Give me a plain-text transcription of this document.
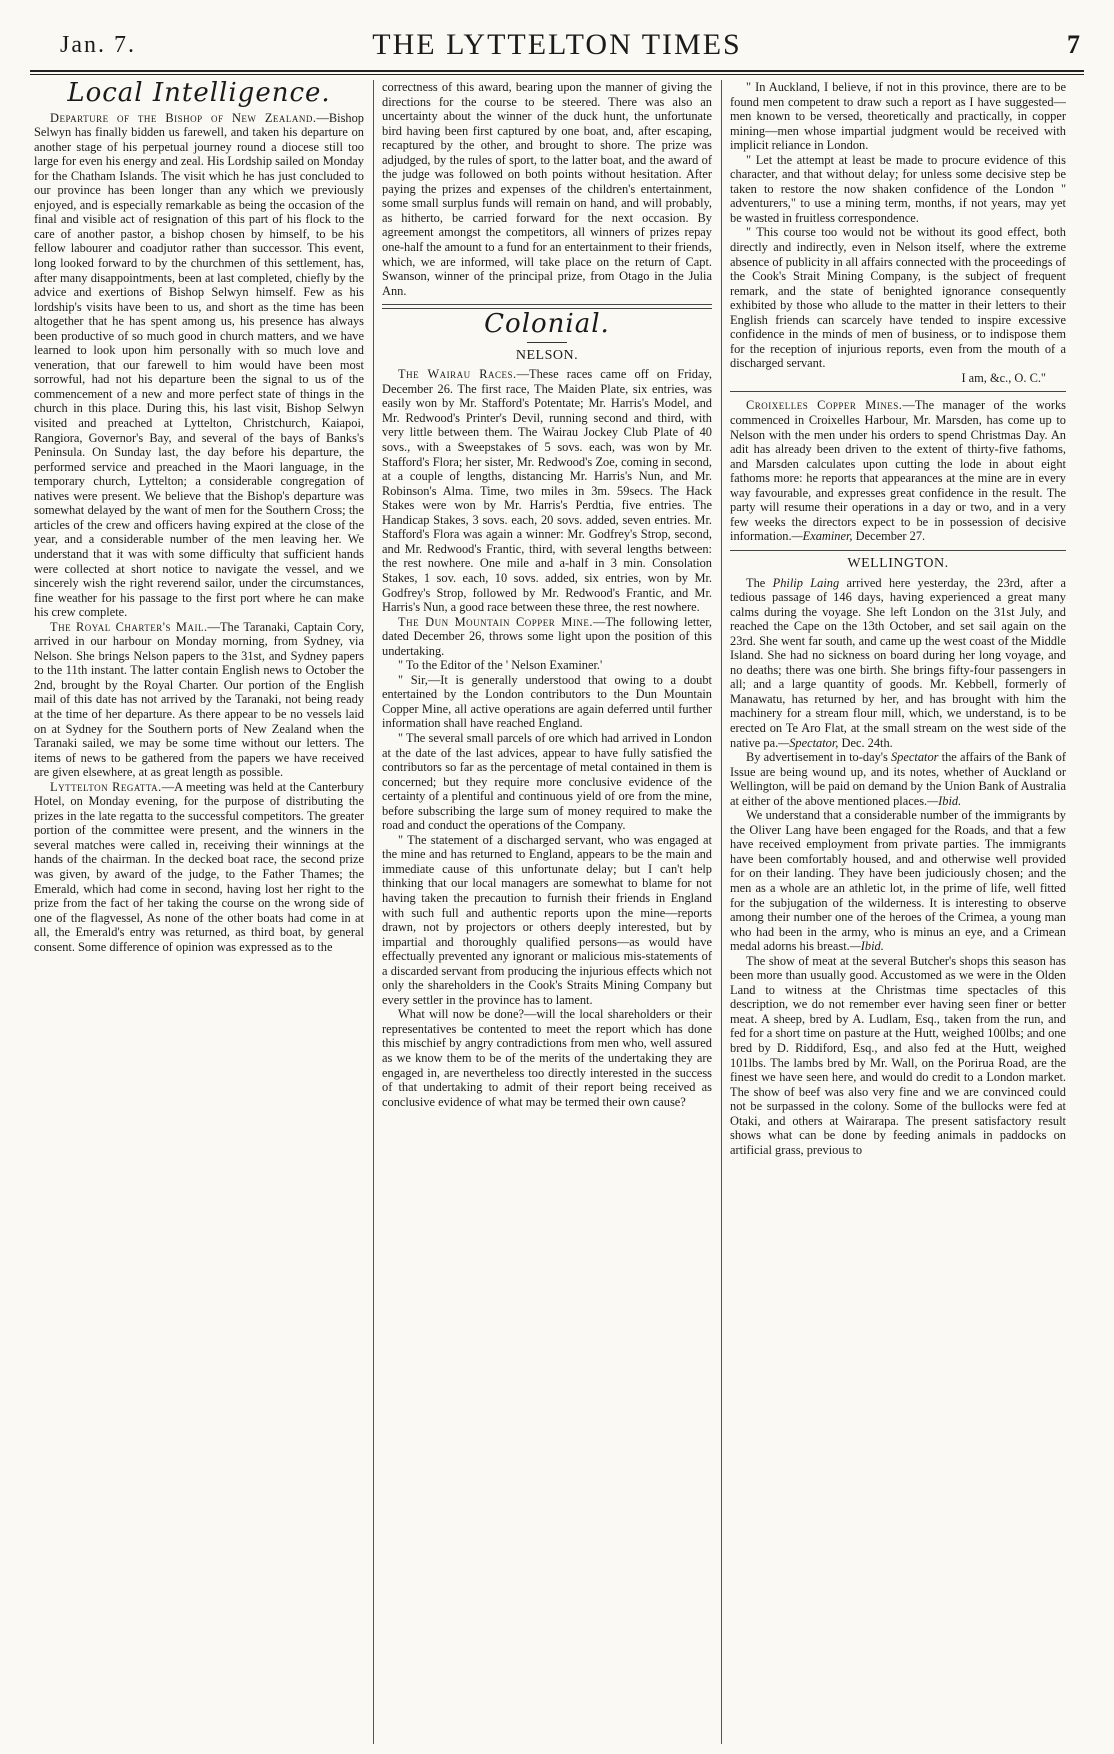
Jan. 7.	THE LYTTELTON TIMES	7
Local Intelligence.

Departure of the Bishop of New Zealand.—Bishop Selwyn has finally bidden us farewell, and taken his departure on another stage of his perpetual journey round a diocese still too large for even his energy and zeal. His Lordship sailed on Monday for the Chatham Islands. The visit which he has just concluded to our province has been longer than any which we previously enjoyed, and is especially remarkable as being the occasion of the final and visible act of resignation of this part of his flock to the care of another pastor, a bishop chosen by himself, to be his fellow labourer and coadjutor rather than successor. This event, long looked forward to by the churchmen of this settlement, has, after many disappointments, been at last completed, chiefly by the advice and exertions of Bishop Selwyn himself. Few as his lordship's visits have been to us, and short as the time has been altogether that he has spent among us, his presence has always been productive of so much good in church matters, and we have learned to look upon him personally with so much love and veneration, that our farewell to him would have been most sorrowful, had not his departure been the signal to us of the commencement of a new and more perfect state of things in the church in this place. During this, his last visit, Bishop Selwyn visited and preached at Lyttelton, Christchurch, Kaiapoi, Rangiora, Governor's Bay, and several of the bays of Banks's Peninsula. On Sunday last, the day before his departure, the performed service and preached in the Maori language, in the temporary church, Lyttelton; a considerable congregation of natives were present. We believe that the Bishop's departure was somewhat delayed by the want of men for the Southern Cross; the articles of the crew and officers having expired at the close of the year, and a considerable number of the men leaving her. We understand that it was with some difficulty that sufficient hands were collected at short notice to navigate the vessel, and we sincerely wish the right reverend sailor, under the circumstances, fine weather for his passage to the first port where he can make his crew complete.

The Royal Charter's Mail.—The Taranaki, Captain Cory, arrived in our harbour on Monday morning, from Sydney, via Nelson. She brings Nelson papers to the 31st, and Sydney papers to the 11th instant. The latter contain English news to October the 2nd, brought by the Royal Charter. Our portion of the English mail of this date has not arrived by the Taranaki, not being ready at the time of her departure. As there appear to be no vessels laid on at Sydney for the Southern ports of New Zealand when the Taranaki sailed, we may be some time without our letters. The items of news to be gathered from the papers we have received are given elsewhere, at as great length as possible.

Lyttelton Regatta.—A meeting was held at the Canterbury Hotel, on Monday evening, for the purpose of distributing the prizes in the late regatta to the successful competitors. The greater portion of the committee were present, and the winners in the several matches were called in, receiving their winnings at the hands of the chairman. In the decked boat race, the second prize was given, by award of the judge, to the Father Thames; the Emerald, which had come in second, having lost her right to the prize from the fact of her taking the course on the wrong side of one of the flagvessel, As none of the other boats had come in at all, the Emerald's entry was returned, as third boat, by general consent. Some difference of opinion was expressed as to the

correctness of this award, bearing upon the manner of giving the directions for the course to be steered. There was also an uncertainty about the winner of the duck hunt, the unfortunate bird having been first captured by one boat, and, after escaping, recaptured by the other, and brought to shore. The prize was adjudged, by the rules of sport, to the latter boat, and the award of the judge was followed on both points without hesitation. After paying the prizes and expenses of the children's entertainment, some small surplus funds will remain on hand, and will probably, as hitherto, be carried forward for the next occasion. By agreement amongst the competitors, all winners of prizes repay one-half the amount to a fund for an entertainment to their friends, which, we are informed, will take place on the return of Capt. Swanson, winner of the principal prize, from Otago in the Julia Ann.

Colonial.
NELSON.

The Wairau Races.—These races came off on Friday, December 26. The first race, The Maiden Plate, six entries, was easily won by Mr. Stafford's Potentate; Mr. Harris's Model, and Mr. Redwood's Printer's Devil, running second and third, with very little between them. The Wairau Jockey Club Plate of 40 sovs., with a Sweepstakes of 5 sovs. each, was won by Mr. Stafford's Flora; her sister, Mr. Redwood's Zoe, coming in second, at a couple of lengths, distancing Mr. Harris's Nun, and Mr. Robinson's Alma. Time, two miles in 3m. 59secs. The Hack Stakes were won by Mr. Harris's Perdtia, five entries. The Handicap Stakes, 3 sovs. each, 20 sovs. added, seven entries. Mr. Stafford's Flora was again a winner: Mr. Godfrey's Strop, second, and Mr. Redwood's Frantic, third, with several lengths between: the rest nowhere. One mile and a-half in 3 min. Consolation Stakes, 1 sov. each, 10 sovs. added, six entries, won by Mr. Godfrey's Strop, followed by Mr. Redwood's Frantic, and Mr. Harris's Nun, a good race between these three, the rest nowhere.

The Dun Mountain Copper Mine.—The following letter, dated December 26, throws some light upon the position of this undertaking.

" To the Editor of the ' Nelson Examiner.'

" Sir,—It is generally understood that owing to a doubt entertained by the London contributors to the Dun Mountain Copper Mine, all active operations are again deferred until further information shall have reached England.

" The several small parcels of ore which had arrived in London at the date of the last advices, appear to have fully satisfied the contributors so far as the percentage of metal contained in them is concerned; but they require more conclusive evidence of the certainty of a plentiful and continuous yield of ore from the mine, before subscribing the large sum of money required to make the road and conduct the operations of the Company.

" The statement of a discharged servant, who was engaged at the mine and has returned to England, appears to be the main and immediate cause of this unfortunate delay; but I can't help thinking that our local managers are somewhat to blame for not having taken the precaution to furnish their friends in England with such full and authentic reports upon the mine—reports drawn, not by projectors or others deeply interested, but by impartial and thoroughly qualified persons—as would have effectually prevented any ignorant or malicious mis-statements of a discarded servant from producing the injurious effects which not only the shareholders in the Cook's Straits Mining Company but every settler in the province has to lament.

What will now be done?—will the local shareholders or their representatives be contented to meet the report which has done this mischief by angry contradictions from men who, well assured as we know them to be of the merits of the undertaking they are engaged in, are nevertheless too directly interested in the success of that undertaking to admit of their report being received as conclusive evidence of what may be termed their own cause?

" In Auckland, I believe, if not in this province, there are to be found men competent to draw such a report as I have suggested—men known to be versed, theoretically and practically, in copper mining—men whose impartial judgment would be received with implicit reliance in London.

" Let the attempt at least be made to procure evidence of this character, and that without delay; for unless some decisive step be taken to restore the now shaken confidence of the London " adventurers," to use a mining term, months, if not years, may yet be wasted in fruitless correspondence.

" This course too would not be without its good effect, both directly and indirectly, even in Nelson itself, where the extreme absence of publicity in all affairs connected with the proceedings of the Cook's Strait Mining Company, is the subject of frequent remark, and the state of benighted ignorance consequently exhibited by those who allude to the matter in their letters to their English friends can scarcely have tended to inspire excessive confidence in the minds of men of business, or to indispose them for the reception of injurious reports, even from the mouth of a discharged servant.

I am, &c., O. C."

Croixelles Copper Mines.—The manager of the works commenced in Croixelles Harbour, Mr. Marsden, has come up to Nelson with the men under his orders to spend Christmas Day. An adit has already been driven to the extent of thirty-five fathoms, and Marsden calculates upon cutting the lode in about eight fathoms more: he reports that appearances at the mine are in every way favourable, and expresses great confidence in the result. The party will resume their operations in a day or two, and in a very few weeks the directors expect to be in possession of decisive information.—Examiner, December 27.

WELLINGTON.

The Philip Laing arrived here yesterday, the 23rd, after a tedious passage of 146 days, having experienced a great many calms during the voyage. She left London on the 31st July, and reached the Cape on the 13th October, and set sail again on the 23rd. She went far south, and came up the west coast of the Middle Island. She had no sickness on board during her long voyage, and no deaths; there was one birth. She brings fifty-four passengers in all; and a large quantity of goods. Mr. Kebbell, formerly of Manawatu, has returned by her, and has brought with him the machinery for a stream flour mill, which, we understand, is to be erected on Te Aro Flat, at the small stream on the west side of the native pa.—Spectator, Dec. 24th.

By advertisement in to-day's Spectator the affairs of the Bank of Issue are being wound up, and its notes, whether of Auckland or Wellington, will be paid on demand by the Union Bank of Australia at either of the above mentioned places.—Ibid.

We understand that a considerable number of the immigrants by the Oliver Lang have been engaged for the Roads, and that a few have received employment from private parties. The immigrants have been comfortably housed, and and otherwise well provided for on their landing. They have been judiciously chosen; and the men as a whole are an athletic lot, in the prime of life, well fitted for the subjugation of the wilderness. It is interesting to observe among their number one of the heroes of the Crimea, a young man who had been in the army, who is minus an eye, and a Crimean medal adorns his breast.—Ibid.

The show of meat at the several Butcher's shops this season has been more than usually good. Accustomed as we were in the Olden Land to witness at the Christmas time spectacles of this description, we do not remember ever having seen finer or better meat. A sheep, bred by A. Ludlam, Esq., taken from the run, and fed for a short time on pasture at the Hutt, weighed 100lbs; and one bred by D. Riddiford, Esq., and also fed at the Hutt, weighed 101lbs. The lambs bred by Mr. Wall, on the Porirua Road, are the finest we have seen here, and would do credit to a London market. The show of beef was also very fine and we are convinced could not be surpassed in the colony. Some of the bullocks were fed at Otaki, and others at Wairarapa. The present satisfactory result shows what can be done by feeding animals in paddocks on artificial grass, previous to
